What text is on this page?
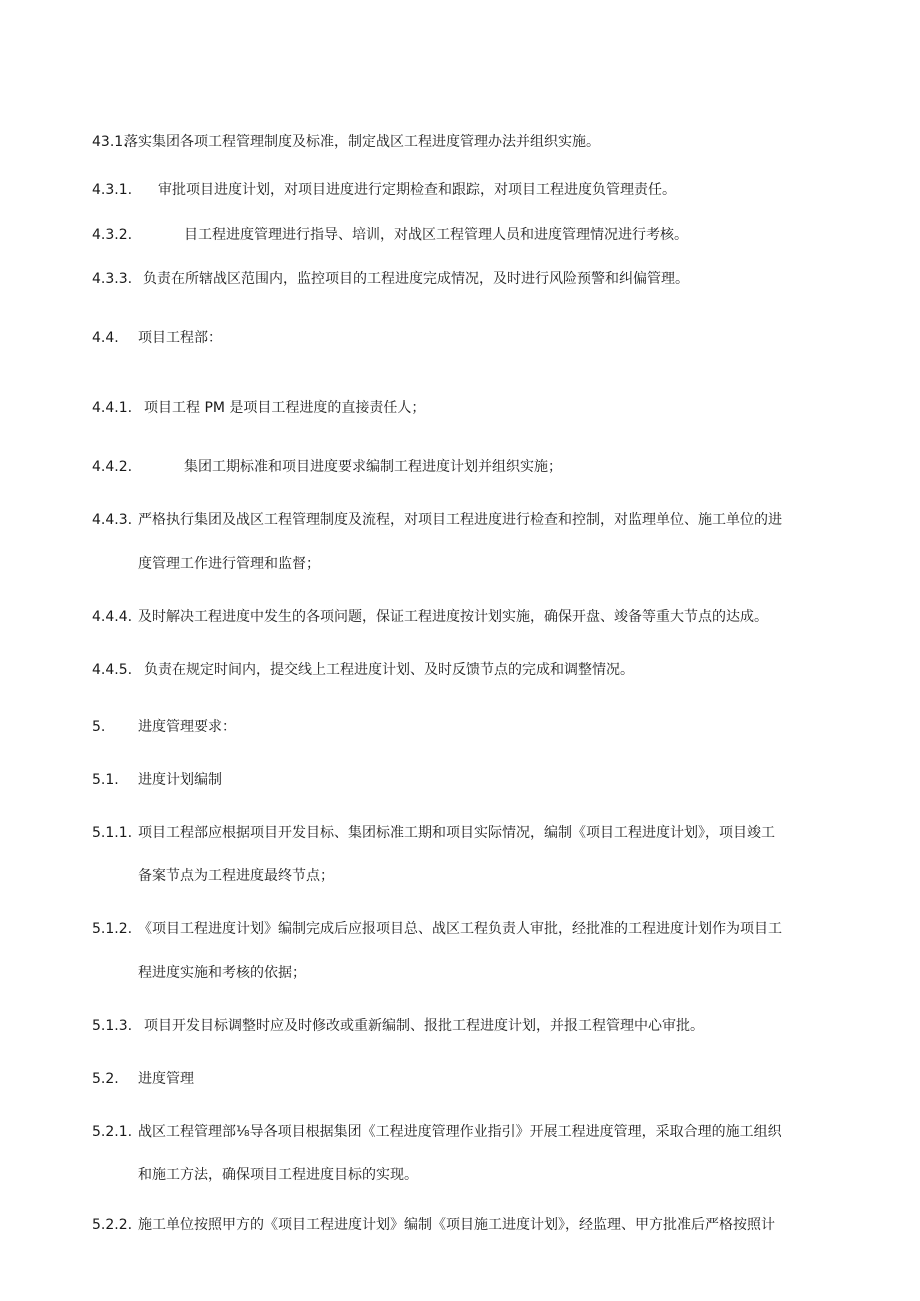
43.1.
落实集团各项工程管理制度及标准，制定战区工程进度管理办法并组织实施。
4.3.1. 审批项目进度计划，对项目进度进行定期检查和跟踪，对项目工程进度负管理责任。
4.3.2.	目工程进度管理进行指导、培训，对战区工程管理人员和进度管理情况进行考核。
4.3.3. 负责在所辖战区范围内，监控项目的工程进度完成情况，及时进行风险预警和纠偏管理。
4.4. 项目工程部：
4.4.1. 项目工程 PM 是项目工程进度的直接责任人；
4.4.2.	集团工期标准和项目进度要求编制工程进度计划并组织实施；
4.4.3. 严格执行集团及战区工程管理制度及流程，对项目工程进度进行检查和控制，对监理单位、施工单位的进
度管理工作进行管理和监督；
4.4.4. 及时解决工程进度中发生的各项问题，保证工程进度按计划实施，确保开盘、竣备等重大节点的达成。
4.4.5. 负责在规定时间内，提交线上工程进度计划、及时反馈节点的完成和调整情况。
5. 进度管理要求：
5.1. 进度计划编制
5.1.1. 项目工程部应根据项目开发目标、集团标准工期和项目实际情况，编制《项目工程进度计划》，项目竣工
备案节点为工程进度最终节点；
5.1.2. 《项目工程进度计划》编制完成后应报项目总、战区工程负责人审批，经批准的工程进度计划作为项目工
程进度实施和考核的依据；
5.1.3. 项目开发目标调整时应及时修改或重新编制、报批工程进度计划，并报工程管理中心审批。
5.2. 进度管理
5.2.1. 战区工程管理部⅛导各项目根据集团《工程进度管理作业指引》开展工程进度管理，采取合理的施工组织
和施工方法，确保项目工程进度目标的实现。
5.2.2. 施工单位按照甲方的《项目工程进度计划》编制《项目施工进度计划》，经监理、甲方批准后严格按照计
